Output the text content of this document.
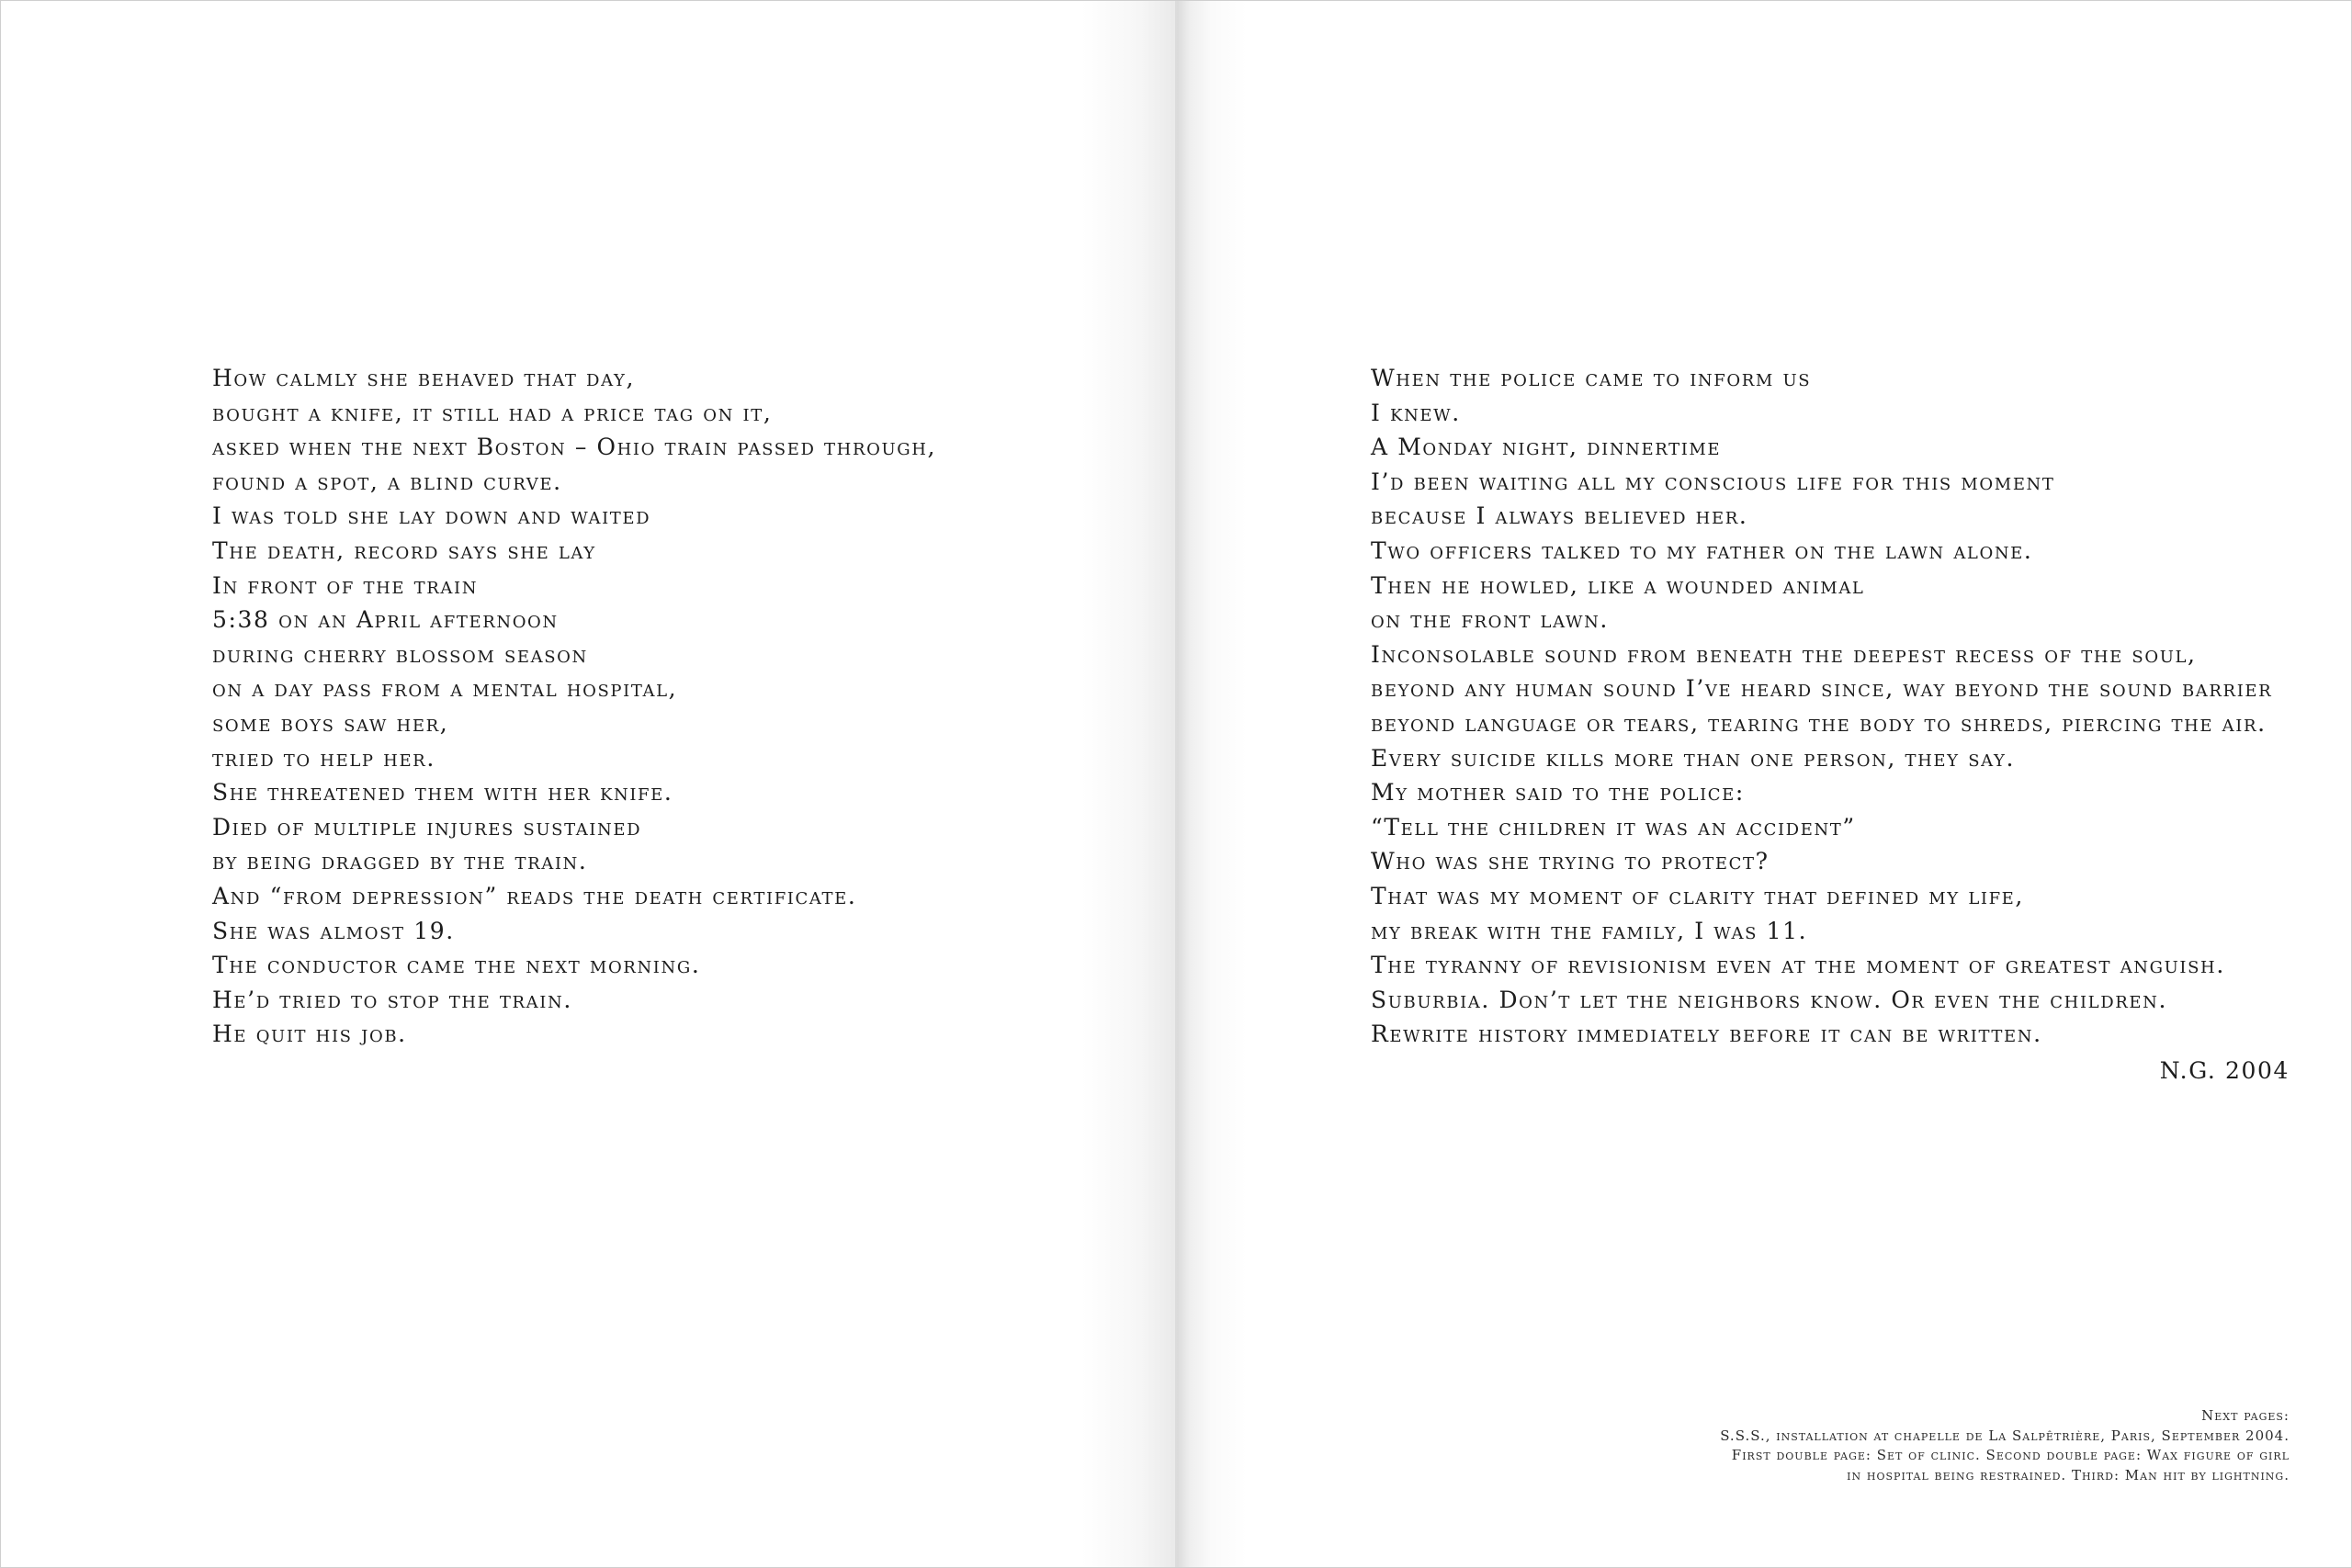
How calmly she behaved that day,
bought a knife, it still had a price tag on it,
asked when the next Boston – Ohio train passed through,
found a spot, a blind curve.
I was told she lay down and waited
The death, record says she lay
In front of the train
5:38 on an April afternoon
during cherry blossom season
on a day pass from a mental hospital,
some boys saw her,
tried to help her.
She threatened them with her knife.
Died of multiple injures sustained
by being dragged by the train.
And “from depression” reads the death certificate.
She was almost 19.
The conductor came the next morning.
He’d tried to stop the train.
He quit his job.
When the police came to inform us
I knew.
A Monday night, dinnertime
I’d been waiting all my conscious life for this moment
because I always believed her.
Two officers talked to my father on the lawn alone.
Then he howled, like a wounded animal
on the front lawn.
Inconsolable sound from beneath the deepest recess of the soul,
beyond any human sound I’ve heard since, way beyond the sound barrier
beyond language or tears, tearing the body to shreds, piercing the air.
Every suicide kills more than one person, they say.
My mother said to the police:
“Tell the children it was an accident”
Who was she trying to protect?
That was my moment of clarity that defined my life,
my break with the family, I was 11.
The tyranny of revisionism even at the moment of greatest anguish.
Suburbia. Don’t let the neighbors know. Or even the children.
Rewrite history immediately before it can be written.
N.G. 2004
Next pages:
S.S.S., installation at chapelle de La Salpêtrière, Paris, September 2004.
First double page: Set of clinic. Second double page: Wax figure of girl
in hospital being restrained. Third: Man hit by lightning.
